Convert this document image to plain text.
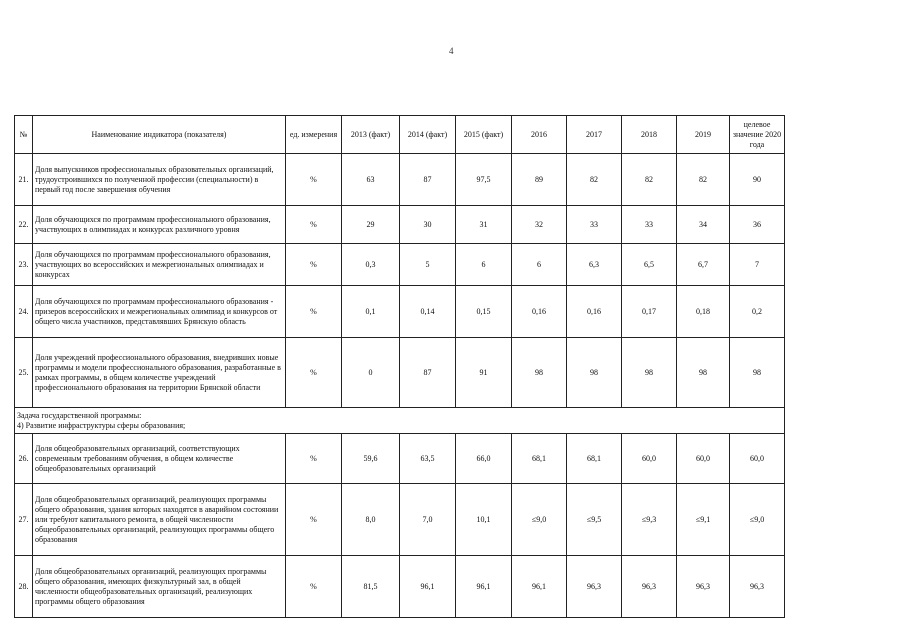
4
№	Наименование индикатора (показателя)	ед. измерения	2013 (факт)	2014 (факт)	2015 (факт)	2016	2017	2018	2019	целевое значение 2020 года
21.	Доля выпускников профессиональных образовательных организаций, трудоустроившихся по полученной профессии (специальности) в первый год после завершения обучения	%	63	87	97,5	89	82	82	82	90
22.	Доля обучающихся по программам профессионального образования, участвующих в олимпиадах и конкурсах различного уровня	%	29	30	31	32	33	33	34	36
23.	Доля обучающихся по программам профессионального образования, участвующих во всероссийских и межрегиональных олимпиадах и конкурсах	%	0,3	5	6	6	6,3	6,5	6,7	7
24.	Доля обучающихся по программам профессионального образования - призеров всероссийских и межрегиональных олимпиад и конкурсов от общего числа участников, представлявших Брянскую область	%	0,1	0,14	0,15	0,16	0,16	0,17	0,18	0,2
25.	Доля учреждений профессионального образования, внедривших новые программы и модели профессионального образования, разработанные в рамках программы, в общем количестве учреждений профессионального образования на территории Брянской области	%	0	87	91	98	98	98	98	98

Задача государственной программы:
4) Развитие инфраструктуры сферы образования;										

26.	Доля общеобразовательных организаций, соответствующих современным требованиям обучения, в общем количестве общеобразовательных организаций	%	59,6	63,5	66,0	68,1	68,1	60,0	60,0	60,0
27.	Доля общеобразовательных организаций, реализующих программы общего образования, здания которых находятся в аварийном состоянии или требуют капитального ремонта, в общей численности общеобразовательных организаций, реализующих программы общего образования	%	8,0	7,0	10,1	≤9,0	≤9,5	≤9,3	≤9,1	≤9,0
28.	Доля общеобразовательных организаций, реализующих программы общего образования, имеющих физкультурный зал, в общей численности общеобразовательных организаций, реализующих программы общего образования	%	81,5	96,1	96,1	96,1	96,3	96,3	96,3	96,3
